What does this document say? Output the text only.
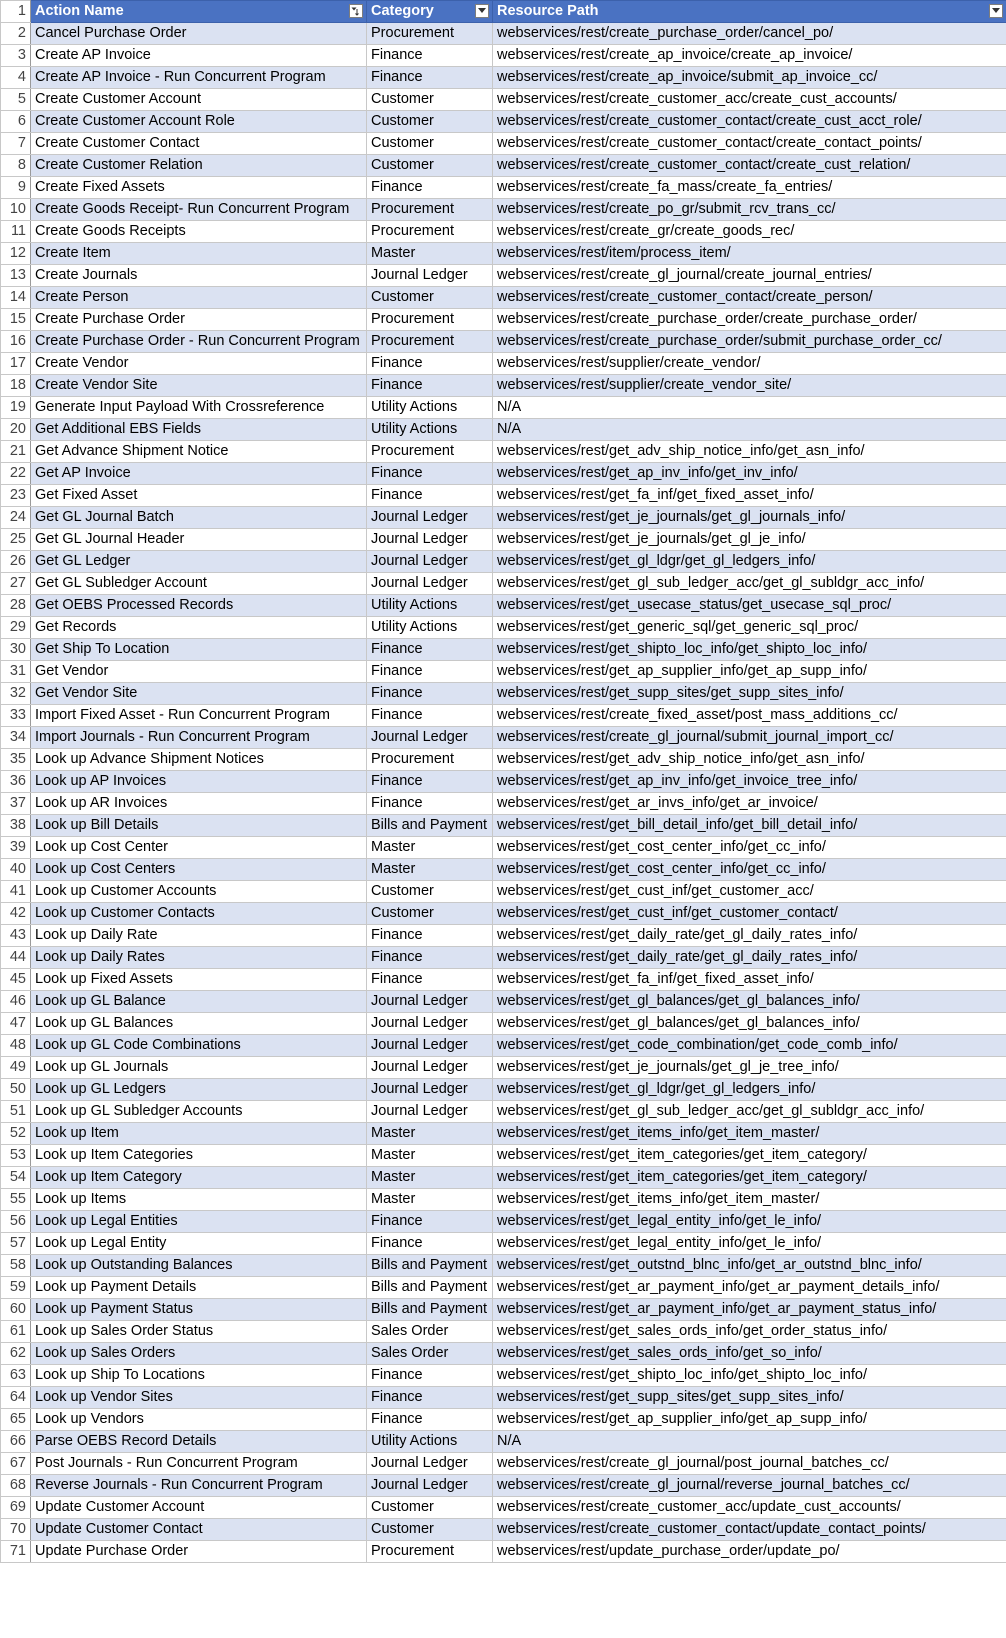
1	Action Name	Category	Resource Path

2	Cancel Purchase Order	Procurement	webservices/rest/create_purchase_order/cancel_po/
3	Create AP Invoice	Finance	webservices/rest/create_ap_invoice/create_ap_invoice/
4	Create AP Invoice - Run Concurrent Program	Finance	webservices/rest/create_ap_invoice/submit_ap_invoice_cc/
5	Create Customer Account	Customer	webservices/rest/create_customer_acc/create_cust_accounts/
6	Create Customer Account Role	Customer	webservices/rest/create_customer_contact/create_cust_acct_role/
7	Create Customer Contact	Customer	webservices/rest/create_customer_contact/create_contact_points/
8	Create Customer Relation	Customer	webservices/rest/create_customer_contact/create_cust_relation/
9	Create Fixed Assets	Finance	webservices/rest/create_fa_mass/create_fa_entries/
10	Create Goods Receipt- Run Concurrent Program	Procurement	webservices/rest/create_po_gr/submit_rcv_trans_cc/
11	Create Goods Receipts	Procurement	webservices/rest/create_gr/create_goods_rec/
12	Create Item	Master	webservices/rest/item/process_item/
13	Create Journals	Journal Ledger	webservices/rest/create_gl_journal/create_journal_entries/
14	Create Person	Customer	webservices/rest/create_customer_contact/create_person/
15	Create Purchase Order	Procurement	webservices/rest/create_purchase_order/create_purchase_order/
16	Create Purchase Order - Run Concurrent Program	Procurement	webservices/rest/create_purchase_order/submit_purchase_order_cc/
17	Create Vendor	Finance	webservices/rest/supplier/create_vendor/
18	Create Vendor Site	Finance	webservices/rest/supplier/create_vendor_site/
19	Generate Input Payload With Crossreference	Utility Actions	N/A
20	Get Additional EBS Fields	Utility Actions	N/A
21	Get Advance Shipment Notice	Procurement	webservices/rest/get_adv_ship_notice_info/get_asn_info/
22	Get AP Invoice	Finance	webservices/rest/get_ap_inv_info/get_inv_info/
23	Get Fixed Asset	Finance	webservices/rest/get_fa_inf/get_fixed_asset_info/
24	Get GL Journal Batch	Journal Ledger	webservices/rest/get_je_journals/get_gl_journals_info/
25	Get GL Journal Header	Journal Ledger	webservices/rest/get_je_journals/get_gl_je_info/
26	Get GL Ledger	Journal Ledger	webservices/rest/get_gl_ldgr/get_gl_ledgers_info/
27	Get GL Subledger Account	Journal Ledger	webservices/rest/get_gl_sub_ledger_acc/get_gl_subldgr_acc_info/
28	Get OEBS Processed Records	Utility Actions	webservices/rest/get_usecase_status/get_usecase_sql_proc/
29	Get Records	Utility Actions	webservices/rest/get_generic_sql/get_generic_sql_proc/
30	Get Ship To Location	Finance	webservices/rest/get_shipto_loc_info/get_shipto_loc_info/
31	Get Vendor	Finance	webservices/rest/get_ap_supplier_info/get_ap_supp_info/
32	Get Vendor Site	Finance	webservices/rest/get_supp_sites/get_supp_sites_info/
33	Import Fixed Asset - Run Concurrent Program	Finance	webservices/rest/create_fixed_asset/post_mass_additions_cc/
34	Import Journals - Run Concurrent Program	Journal Ledger	webservices/rest/create_gl_journal/submit_journal_import_cc/
35	Look up Advance Shipment Notices	Procurement	webservices/rest/get_adv_ship_notice_info/get_asn_info/
36	Look up AP Invoices	Finance	webservices/rest/get_ap_inv_info/get_invoice_tree_info/
37	Look up AR Invoices	Finance	webservices/rest/get_ar_invs_info/get_ar_invoice/
38	Look up Bill Details	Bills and Payment	webservices/rest/get_bill_detail_info/get_bill_detail_info/
39	Look up Cost Center	Master	webservices/rest/get_cost_center_info/get_cc_info/
40	Look up Cost Centers	Master	webservices/rest/get_cost_center_info/get_cc_info/
41	Look up Customer Accounts	Customer	webservices/rest/get_cust_inf/get_customer_acc/
42	Look up Customer Contacts	Customer	webservices/rest/get_cust_inf/get_customer_contact/
43	Look up Daily Rate	Finance	webservices/rest/get_daily_rate/get_gl_daily_rates_info/
44	Look up Daily Rates	Finance	webservices/rest/get_daily_rate/get_gl_daily_rates_info/
45	Look up Fixed Assets	Finance	webservices/rest/get_fa_inf/get_fixed_asset_info/
46	Look up GL Balance	Journal Ledger	webservices/rest/get_gl_balances/get_gl_balances_info/
47	Look up GL Balances	Journal Ledger	webservices/rest/get_gl_balances/get_gl_balances_info/
48	Look up GL Code Combinations	Journal Ledger	webservices/rest/get_code_combination/get_code_comb_info/
49	Look up GL Journals	Journal Ledger	webservices/rest/get_je_journals/get_gl_je_tree_info/
50	Look up GL Ledgers	Journal Ledger	webservices/rest/get_gl_ldgr/get_gl_ledgers_info/
51	Look up GL Subledger Accounts	Journal Ledger	webservices/rest/get_gl_sub_ledger_acc/get_gl_subldgr_acc_info/
52	Look up Item	Master	webservices/rest/get_items_info/get_item_master/
53	Look up Item Categories	Master	webservices/rest/get_item_categories/get_item_category/
54	Look up Item Category	Master	webservices/rest/get_item_categories/get_item_category/
55	Look up Items	Master	webservices/rest/get_items_info/get_item_master/
56	Look up Legal Entities	Finance	webservices/rest/get_legal_entity_info/get_le_info/
57	Look up Legal Entity	Finance	webservices/rest/get_legal_entity_info/get_le_info/
58	Look up Outstanding Balances	Bills and Payment	webservices/rest/get_outstnd_blnc_info/get_ar_outstnd_blnc_info/
59	Look up Payment Details	Bills and Payment	webservices/rest/get_ar_payment_info/get_ar_payment_details_info/
60	Look up Payment Status	Bills and Payment	webservices/rest/get_ar_payment_info/get_ar_payment_status_info/
61	Look up Sales Order Status	Sales Order	webservices/rest/get_sales_ords_info/get_order_status_info/
62	Look up Sales Orders	Sales Order	webservices/rest/get_sales_ords_info/get_so_info/
63	Look up Ship To Locations	Finance	webservices/rest/get_shipto_loc_info/get_shipto_loc_info/
64	Look up Vendor Sites	Finance	webservices/rest/get_supp_sites/get_supp_sites_info/
65	Look up Vendors	Finance	webservices/rest/get_ap_supplier_info/get_ap_supp_info/
66	Parse OEBS Record Details	Utility Actions	N/A
67	Post Journals - Run Concurrent Program	Journal Ledger	webservices/rest/create_gl_journal/post_journal_batches_cc/
68	Reverse Journals - Run Concurrent Program	Journal Ledger	webservices/rest/create_gl_journal/reverse_journal_batches_cc/
69	Update Customer Account	Customer	webservices/rest/create_customer_acc/update_cust_accounts/
70	Update Customer Contact	Customer	webservices/rest/create_customer_contact/update_contact_points/
71	Update Purchase Order	Procurement	webservices/rest/update_purchase_order/update_po/
